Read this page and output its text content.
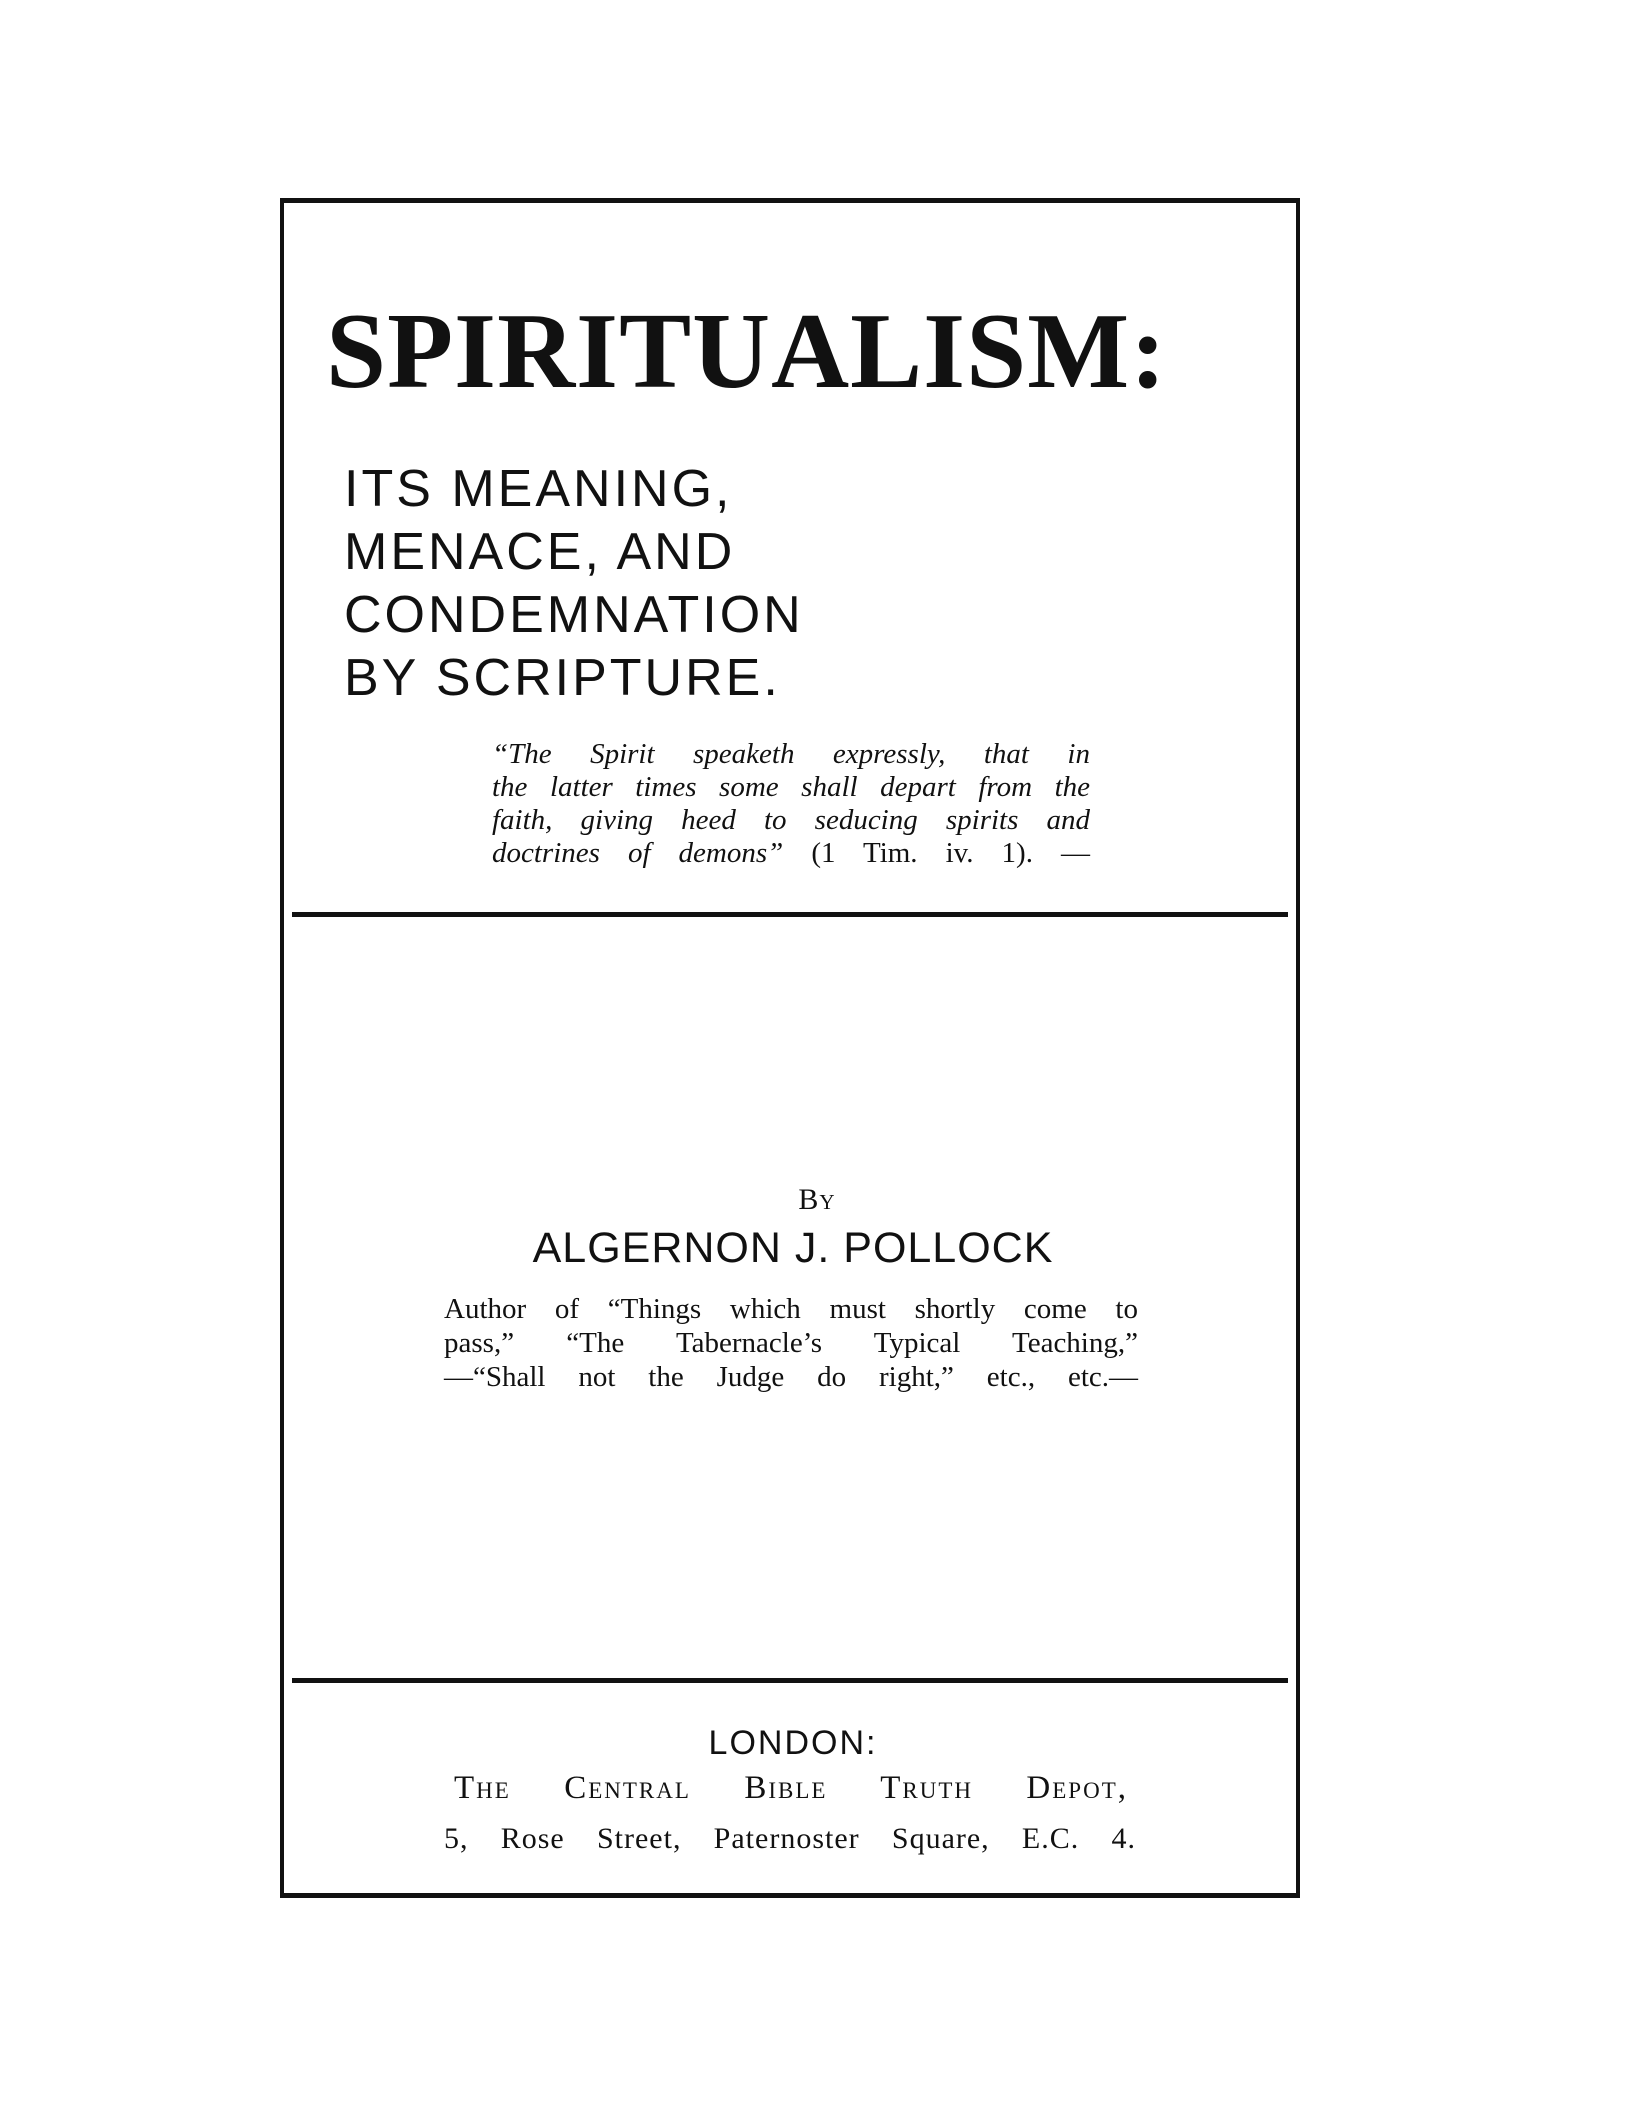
SPIRITUALISM:
ITS MEANING,
MENACE, AND
CONDEMNATION
BY SCRIPTURE.
“The Spirit speaketh expressly, that in
the latter times some shall depart from the
faith, giving heed to seducing spirits and
doctrines of demons” (1 Tim. iv. 1). —
By
ALGERNON J. POLLOCK
Author of “Things which must shortly come to
pass,” “The Tabernacle’s Typical Teaching,”
—“Shall not the Judge do right,” etc., etc.—
LONDON:
The Central Bible Truth Depot,
5, Rose Street, Paternoster Square, E.C. 4.
